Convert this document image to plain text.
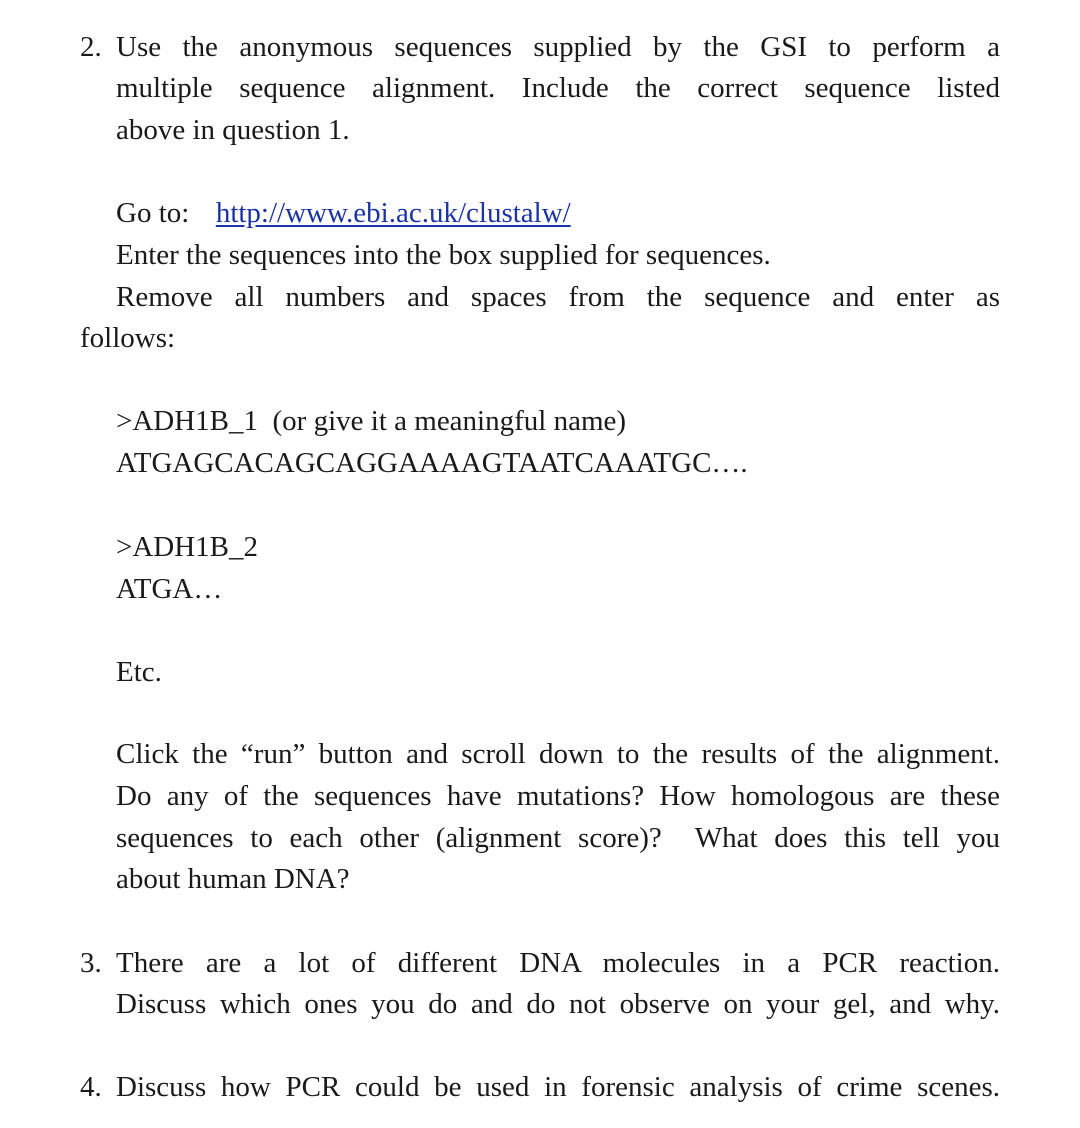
2. Use the anonymous sequences supplied by the GSI to perform a
multiple sequence alignment. Include the correct sequence listed
above in question 1.
Go to: http://www.ebi.ac.uk/clustalw/
Enter the sequences into the box supplied for sequences.
Remove all numbers and spaces from the sequence and enter as
follows:
>ADH1B_1  (or give it a meaningful name)
ATGAGCACAGCAGGAAAAGTAATCAAATGC….
>ADH1B_2
ATGA…
Etc.
Click the “run” button and scroll down to the results of the alignment.
Do any of the sequences have mutations? How homologous are these
sequences to each other (alignment score)?  What does this tell you
about human DNA?
3. There are a lot of different DNA molecules in a PCR reaction.
Discuss which ones you do and do not observe on your gel, and why.
4. Discuss how PCR could be used in forensic analysis of crime scenes.
